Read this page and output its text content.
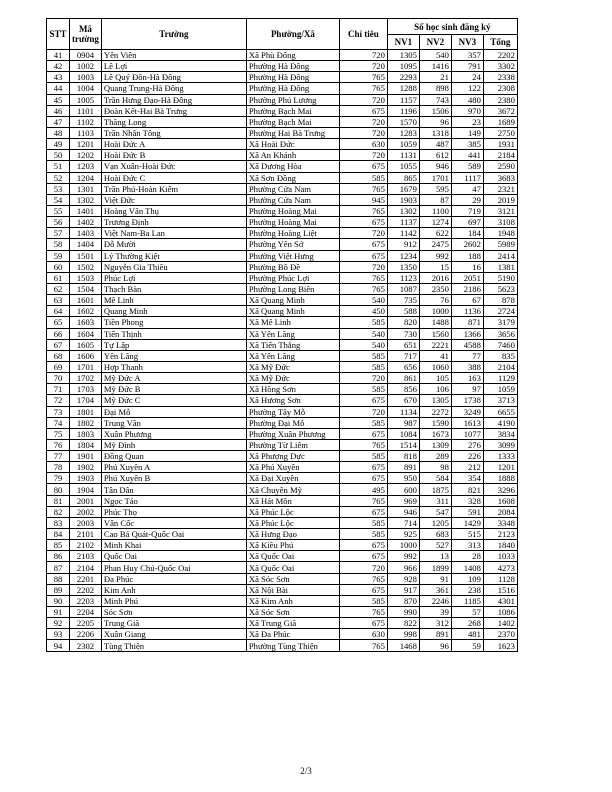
STT	Mã trường	Trường	Phường/Xã	Chỉ tiêu	Số học sinh đăng ký			
					NV1	NV2	NV3	Tổng
41	0904	Yên Viên	Xã Phù Đổng	720	1305	540	357	2202
42	1002	Lê Lợi	Phường Hà Đông	720	1095	1416	791	3302
43	1003	Lê Quý Đôn-Hà Đông	Phường Hà Đông	765	2293	21	24	2338
44	1004	Quang Trung-Hà Đông	Phường Hà Đông	765	1288	898	122	2308
45	1005	Trần Hưng Đạo-Hà Đông	Phường Phú Lương	720	1157	743	480	2380
46	1101	Đoàn Kết-Hai Bà Trưng	Phường Bạch Mai	675	1196	1506	970	3672
47	1102	Thăng Long	Phường Bạch Mai	720	1570	96	23	1689
48	1103	Trần Nhân Tông	Phường Hai Bà Trưng	720	1283	1318	149	2750
49	1201	Hoài Đức A	Xã Hoài Đức	630	1059	487	385	1931
50	1202	Hoài Đức B	Xã An Khánh	720	1131	612	441	2184
51	1203	Vạn Xuân-Hoài Đức	Xã Dương Hòa	675	1055	946	589	2590
52	1204	Hoài Đức C	Xã Sơn Đồng	585	865	1701	1117	3683
53	1301	Trần Phú-Hoàn Kiếm	Phường Cửa Nam	765	1679	595	47	2321
54	1302	Việt Đức	Phường Cửa Nam	945	1903	87	29	2019
55	1401	Hoàng Văn Thụ	Phường Hoàng Mai	765	1302	1100	719	3121
56	1402	Trương Định	Phường Hoàng Mai	675	1137	1274	697	3108
57	1403	Việt Nam-Ba Lan	Phường Hoàng Liệt	720	1142	622	184	1948
58	1404	Đỗ Mười	Phường Yên Sở	675	912	2475	2602	5989
59	1501	Lý Thường Kiệt	Phường Việt Hưng	675	1234	992	188	2414
60	1502	Nguyễn Gia Thiều	Phường Bồ Đề	720	1350	15	16	1381
61	1503	Phúc Lợi	Phường Phúc Lợi	765	1123	2016	2051	5190
62	1504	Thạch Bàn	Phường Long Biên	765	1087	2350	2186	5623
63	1601	Mê Linh	Xã Quang Minh	540	735	76	67	878
64	1602	Quang Minh	Xã Quang Minh	450	588	1000	1136	2724
65	1603	Tiền Phong	Xã Mê Linh	585	820	1488	871	3179
66	1604	Tiến Thịnh	Xã Yên Lãng	540	730	1560	1366	3656
67	1605	Tự Lập	Xã Tiến Thắng	540	651	2221	4588	7460
68	1606	Yên Lãng	Xã Yên Lãng	585	717	41	77	835
69	1701	Hợp Thanh	Xã Mỹ Đức	585	656	1060	388	2104
70	1702	Mỹ Đức A	Xã Mỹ Đức	720	861	105	163	1129
71	1703	Mỹ Đức B	Xã Hồng Sơn	585	856	106	97	1059
72	1704	Mỹ Đức C	Xã Hương Sơn	675	670	1305	1738	3713
73	1801	Đại Mỗ	Phường Tây Mỗ	720	1134	2272	3249	6655
74	1802	Trung Văn	Phường Đại Mỗ	585	987	1590	1613	4190
75	1803	Xuân Phương	Phường Xuân Phương	675	1084	1673	1077	3834
76	1804	Mỹ Đình	Phường Từ Liêm	765	1514	1309	276	3099
77	1901	Đồng Quan	Xã Phượng Dực	585	818	289	226	1333
78	1902	Phú Xuyên A	Xã Phú Xuyên	675	891	98	212	1201
79	1903	Phú Xuyên B	Xã Đại Xuyên	675	950	584	354	1888
80	1904	Tân Dân	Xã Chuyên Mỹ	495	600	1875	821	3296
81	2001	Ngọc Tảo	Xã Hát Môn	765	969	311	328	1608
82	2002	Phúc Thọ	Xã Phúc Lộc	675	946	547	591	2084
83	2003	Vân Cốc	Xã Phúc Lộc	585	714	1205	1429	3348
84	2101	Cao Bá Quát-Quốc Oai	Xã Hưng Đạo	585	925	683	515	2123
85	2102	Minh Khai	Xã Kiều Phú	675	1000	527	313	1840
86	2103	Quốc Oai	Xã Quốc Oai	675	992	13	28	1033
87	2104	Phan Huy Chú-Quốc Oai	Xã Quốc Oai	720	966	1899	1408	4273
88	2201	Đa Phúc	Xã Sóc Sơn	765	928	91	109	1128
89	2202	Kim Anh	Xã Nội Bài	675	917	361	238	1516
90	2203	Minh Phú	Xã Kim Anh	585	870	2246	1185	4301
91	2204	Sóc Sơn	Xã Sóc Sơn	765	990	39	57	1086
92	2205	Trung Giã	Xã Trung Giã	675	822	312	268	1402
93	2206	Xuân Giang	Xã Đa Phúc	630	998	891	481	2370
94	2302	Tùng Thiện	Phường Tùng Thiện	765	1468	96	59	1623
2/3
